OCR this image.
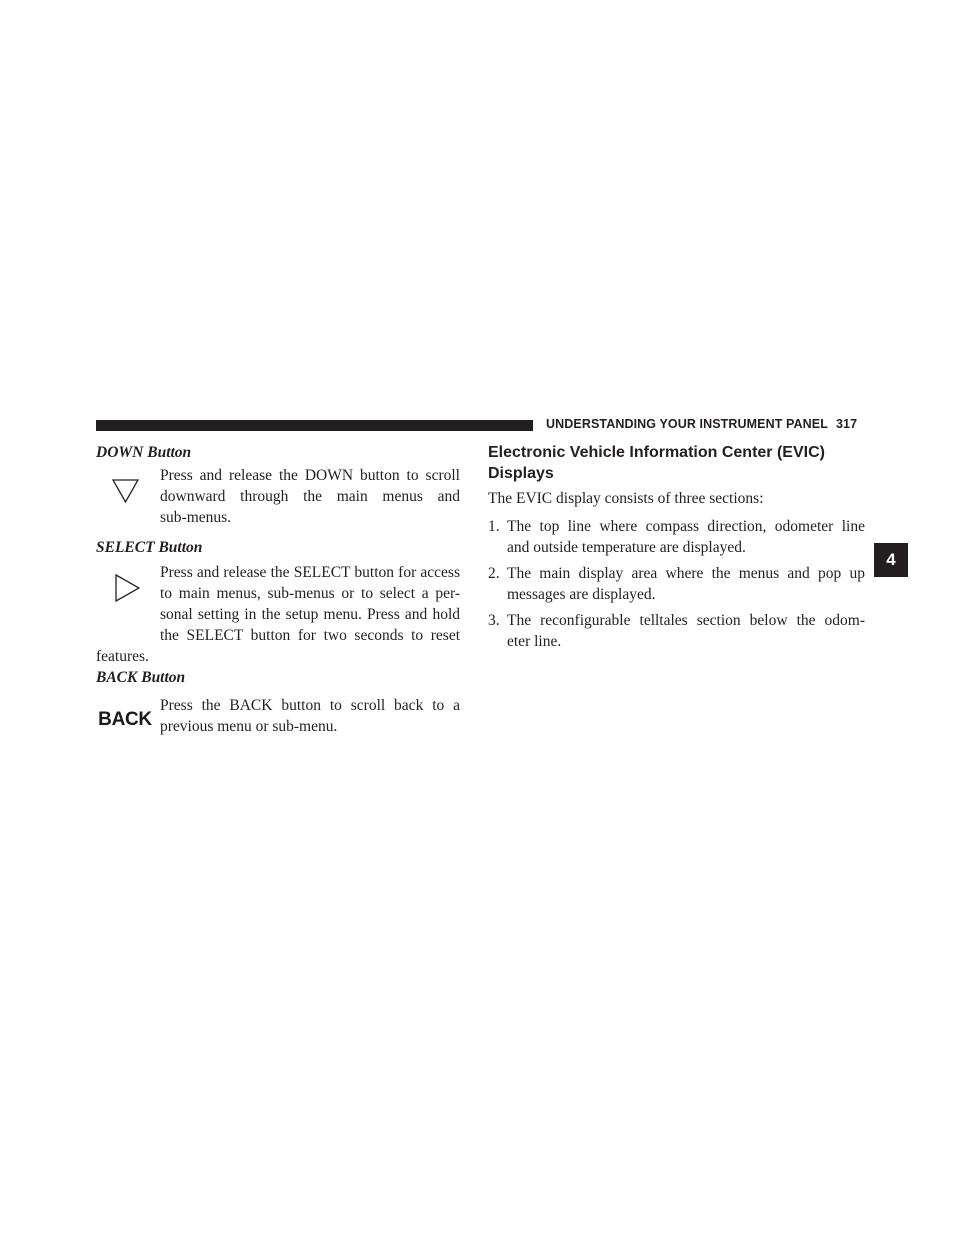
UNDERSTANDING YOUR INSTRUMENT PANEL 317
4
DOWN Button
Press and release the DOWN button to scroll
downward through the main menus and
sub-menus.
SELECT Button
Press and release the SELECT button for access
to main menus, sub-menus or to select a per-
sonal setting in the setup menu. Press and hold
the SELECT button for two seconds to reset
features.
BACK Button
BACK
Press the BACK button to scroll back to a
previous menu or sub-menu.
Electronic Vehicle Information Center (EVIC)
Displays
The EVIC display consists of three sections:
1. The top line where compass direction, odometer line
and outside temperature are displayed.
2. The main display area where the menus and pop up
messages are displayed.
3. The reconfigurable telltales section below the odom-
eter line.
